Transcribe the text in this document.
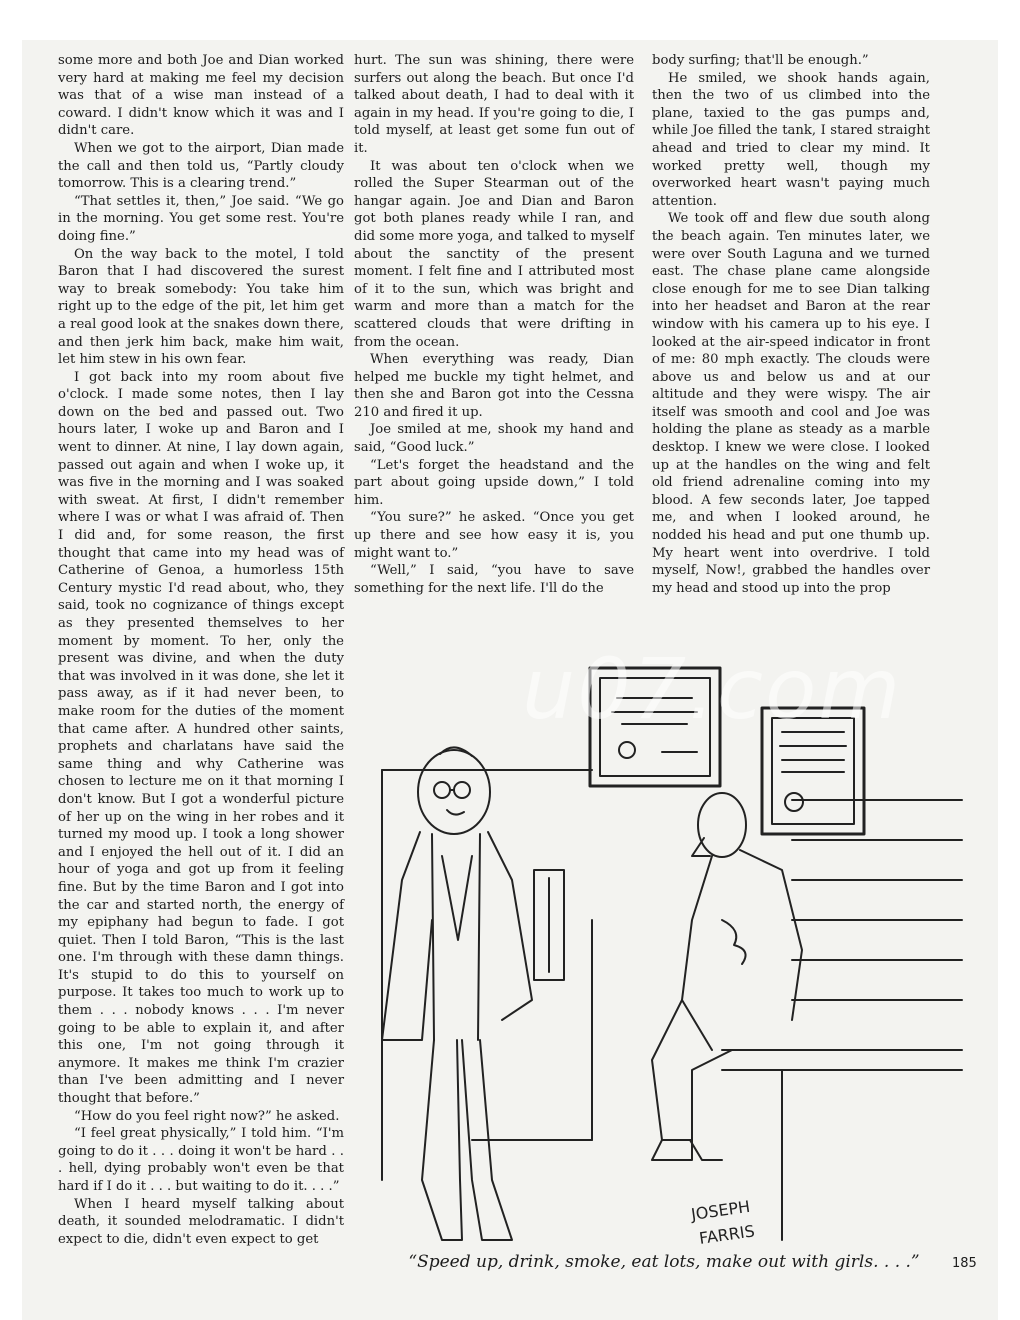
some more and both Joe and Dian worked very hard at making me feel my decision was that of a wise man instead of a coward. I didn't know which it was and I didn't care.

When we got to the airport, Dian made the call and then told us, “Partly cloudy tomorrow. This is a clearing trend.”

“That settles it, then,” Joe said. “We go in the morning. You get some rest. You're doing fine.”

On the way back to the motel, I told Baron that I had discovered the surest way to break somebody: You take him right up to the edge of the pit, let him get a real good look at the snakes down there, and then jerk him back, make him wait, let him stew in his own fear.

I got back into my room about five o'clock. I made some notes, then I lay down on the bed and passed out. Two hours later, I woke up and Baron and I went to dinner. At nine, I lay down again, passed out again and when I woke up, it was five in the morning and I was soaked with sweat. At first, I didn't remember where I was or what I was afraid of. Then I did and, for some reason, the first thought that came into my head was of Catherine of Genoa, a humorless 15th Century mystic I'd read about, who, they said, took no cognizance of things except as they presented themselves to her moment by moment. To her, only the present was divine, and when the duty that was involved in it was done, she let it pass away, as if it had never been, to make room for the duties of the moment that came after. A hundred other saints, prophets and charlatans have said the same thing and why Catherine was chosen to lecture me on it that morning I don't know. But I got a wonderful picture of her up on the wing in her robes and it turned my mood up. I took a long shower and I enjoyed the hell out of it. I did an hour of yoga and got up from it feeling fine. But by the time Baron and I got into the car and started north, the energy of my epiphany had begun to fade. I got quiet. Then I told Baron, “This is the last one. I'm through with these damn things. It's stupid to do this to yourself on purpose. It takes too much to work up to them . . . nobody knows . . . I'm never going to be able to explain it, and after this one, I'm not going through it anymore. It makes me think I'm crazier than I've been admitting and I never thought that before.”

“How do you feel right now?” he asked.

“I feel great physically,” I told him. “I'm going to do it . . . doing it won't be hard . . . hell, dying probably won't even be that hard if I do it . . . but waiting to do it. . . .”

When I heard myself talking about death, it sounded melodramatic. I didn't expect to die, didn't even expect to get

hurt. The sun was shining, there were surfers out along the beach. But once I'd talked about death, I had to deal with it again in my head. If you're going to die, I told myself, at least get some fun out of it.

It was about ten o'clock when we rolled the Super Stearman out of the hangar again. Joe and Dian and Baron got both planes ready while I ran, and did some more yoga, and talked to myself about the sanctity of the present moment. I felt fine and I attributed most of it to the sun, which was bright and warm and more than a match for the scattered clouds that were drifting in from the ocean.

When everything was ready, Dian helped me buckle my tight helmet, and then she and Baron got into the Cessna 210 and fired it up.

Joe smiled at me, shook my hand and said, “Good luck.”

“Let's forget the headstand and the part about going upside down,” I told him.

“You sure?” he asked. “Once you get up there and see how easy it is, you might want to.”

“Well,” I said, “you have to save something for the next life. I'll do the

body surfing; that'll be enough.”

He smiled, we shook hands again, then the two of us climbed into the plane, taxied to the gas pumps and, while Joe filled the tank, I stared straight ahead and tried to clear my mind. It worked pretty well, though my overworked heart wasn't paying much attention.

We took off and flew due south along the beach again. Ten minutes later, we were over South Laguna and we turned east. The chase plane came alongside close enough for me to see Dian talking into her headset and Baron at the rear window with his camera up to his eye. I looked at the air-speed indicator in front of me: 80 mph exactly. The clouds were above us and below us and at our altitude and they were wispy. The air itself was smooth and cool and Joe was holding the plane as steady as a marble desktop. I knew we were close. I looked up at the handles on the wing and felt old friend adrenaline coming into my blood. A few seconds later, Joe tapped me, and when I looked around, he nodded his head and put one thumb up. My heart went into overdrive. I told myself, Now!, grabbed the handles over my head and stood up into the prop

JOSEPH
FARRIS
u07.com
“Speed up, drink, smoke, eat lots, make out with girls. . . .”	185
